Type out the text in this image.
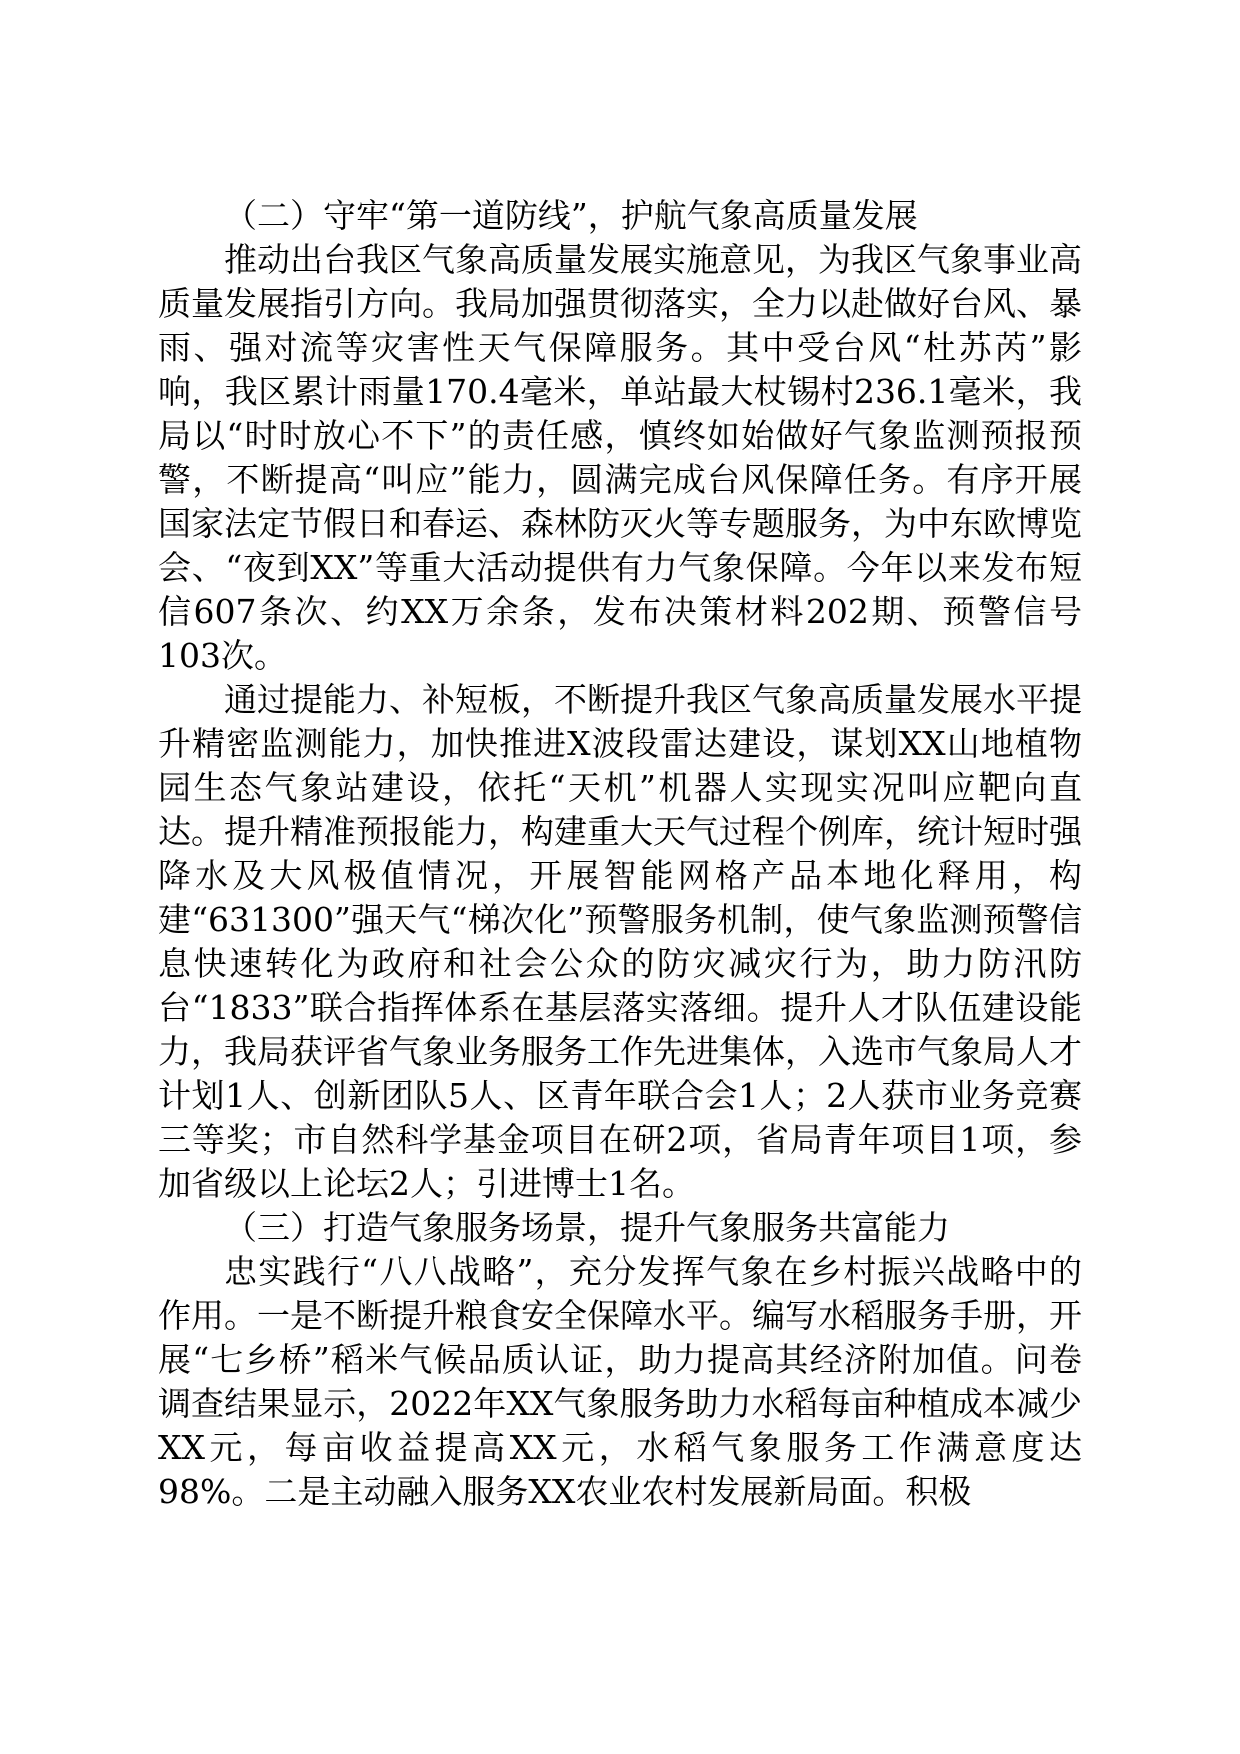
（二）守牢“第一道防线”，护航气象高质量发展

推动出台我区气象高质量发展实施意见，为我区气象事业高质量发展指引方向。我局加强贯彻落实，全力以赴做好台风、暴雨、强对流等灾害性天气保障服务。其中受台风“杜苏芮”影响，我区累计雨量170.4毫米，单站最大杖锡村236.1毫米，我局以“时时放心不下”的责任感，慎终如始做好气象监测预报预警，不断提高“叫应”能力，圆满完成台风保障任务。有序开展国家法定节假日和春运、森林防灭火等专题服务，为中东欧博览会、“夜到XX”等重大活动提供有力气象保障。今年以来发布短信607条次、约XX万余条，发布决策材料202期、预警信号103次。

通过提能力、补短板，不断提升我区气象高质量发展水平提升精密监测能力，加快推进X波段雷达建设，谋划XX山地植物园生态气象站建设，依托“天机”机器人实现实况叫应靶向直达。提升精准预报能力，构建重大天气过程个例库，统计短时强降水及大风极值情况，开展智能网格产品本地化释用，构建“631300”强天气“梯次化”预警服务机制，使气象监测预警信息快速转化为政府和社会公众的防灾减灾行为，助力防汛防台“1833”联合指挥体系在基层落实落细。提升人才队伍建设能力，我局获评省气象业务服务工作先进集体，入选市气象局人才计划1人、创新团队5人、区青年联合会1人；2人获市业务竞赛三等奖；市自然科学基金项目在研2项，省局青年项目1项，参加省级以上论坛2人；引进博士1名。

（三）打造气象服务场景，提升气象服务共富能力

忠实践行“八八战略”，充分发挥气象在乡村振兴战略中的作用。一是不断提升粮食安全保障水平。编写水稻服务手册，开展“七乡桥”稻米气候品质认证，助力提高其经济附加值。问卷调查结果显示，2022年XX气象服务助力水稻每亩种植成本减少XX元，每亩收益提高XX元，水稻气象服务工作满意度达98%。二是主动融入服务XX农业农村发展新局面。积极
